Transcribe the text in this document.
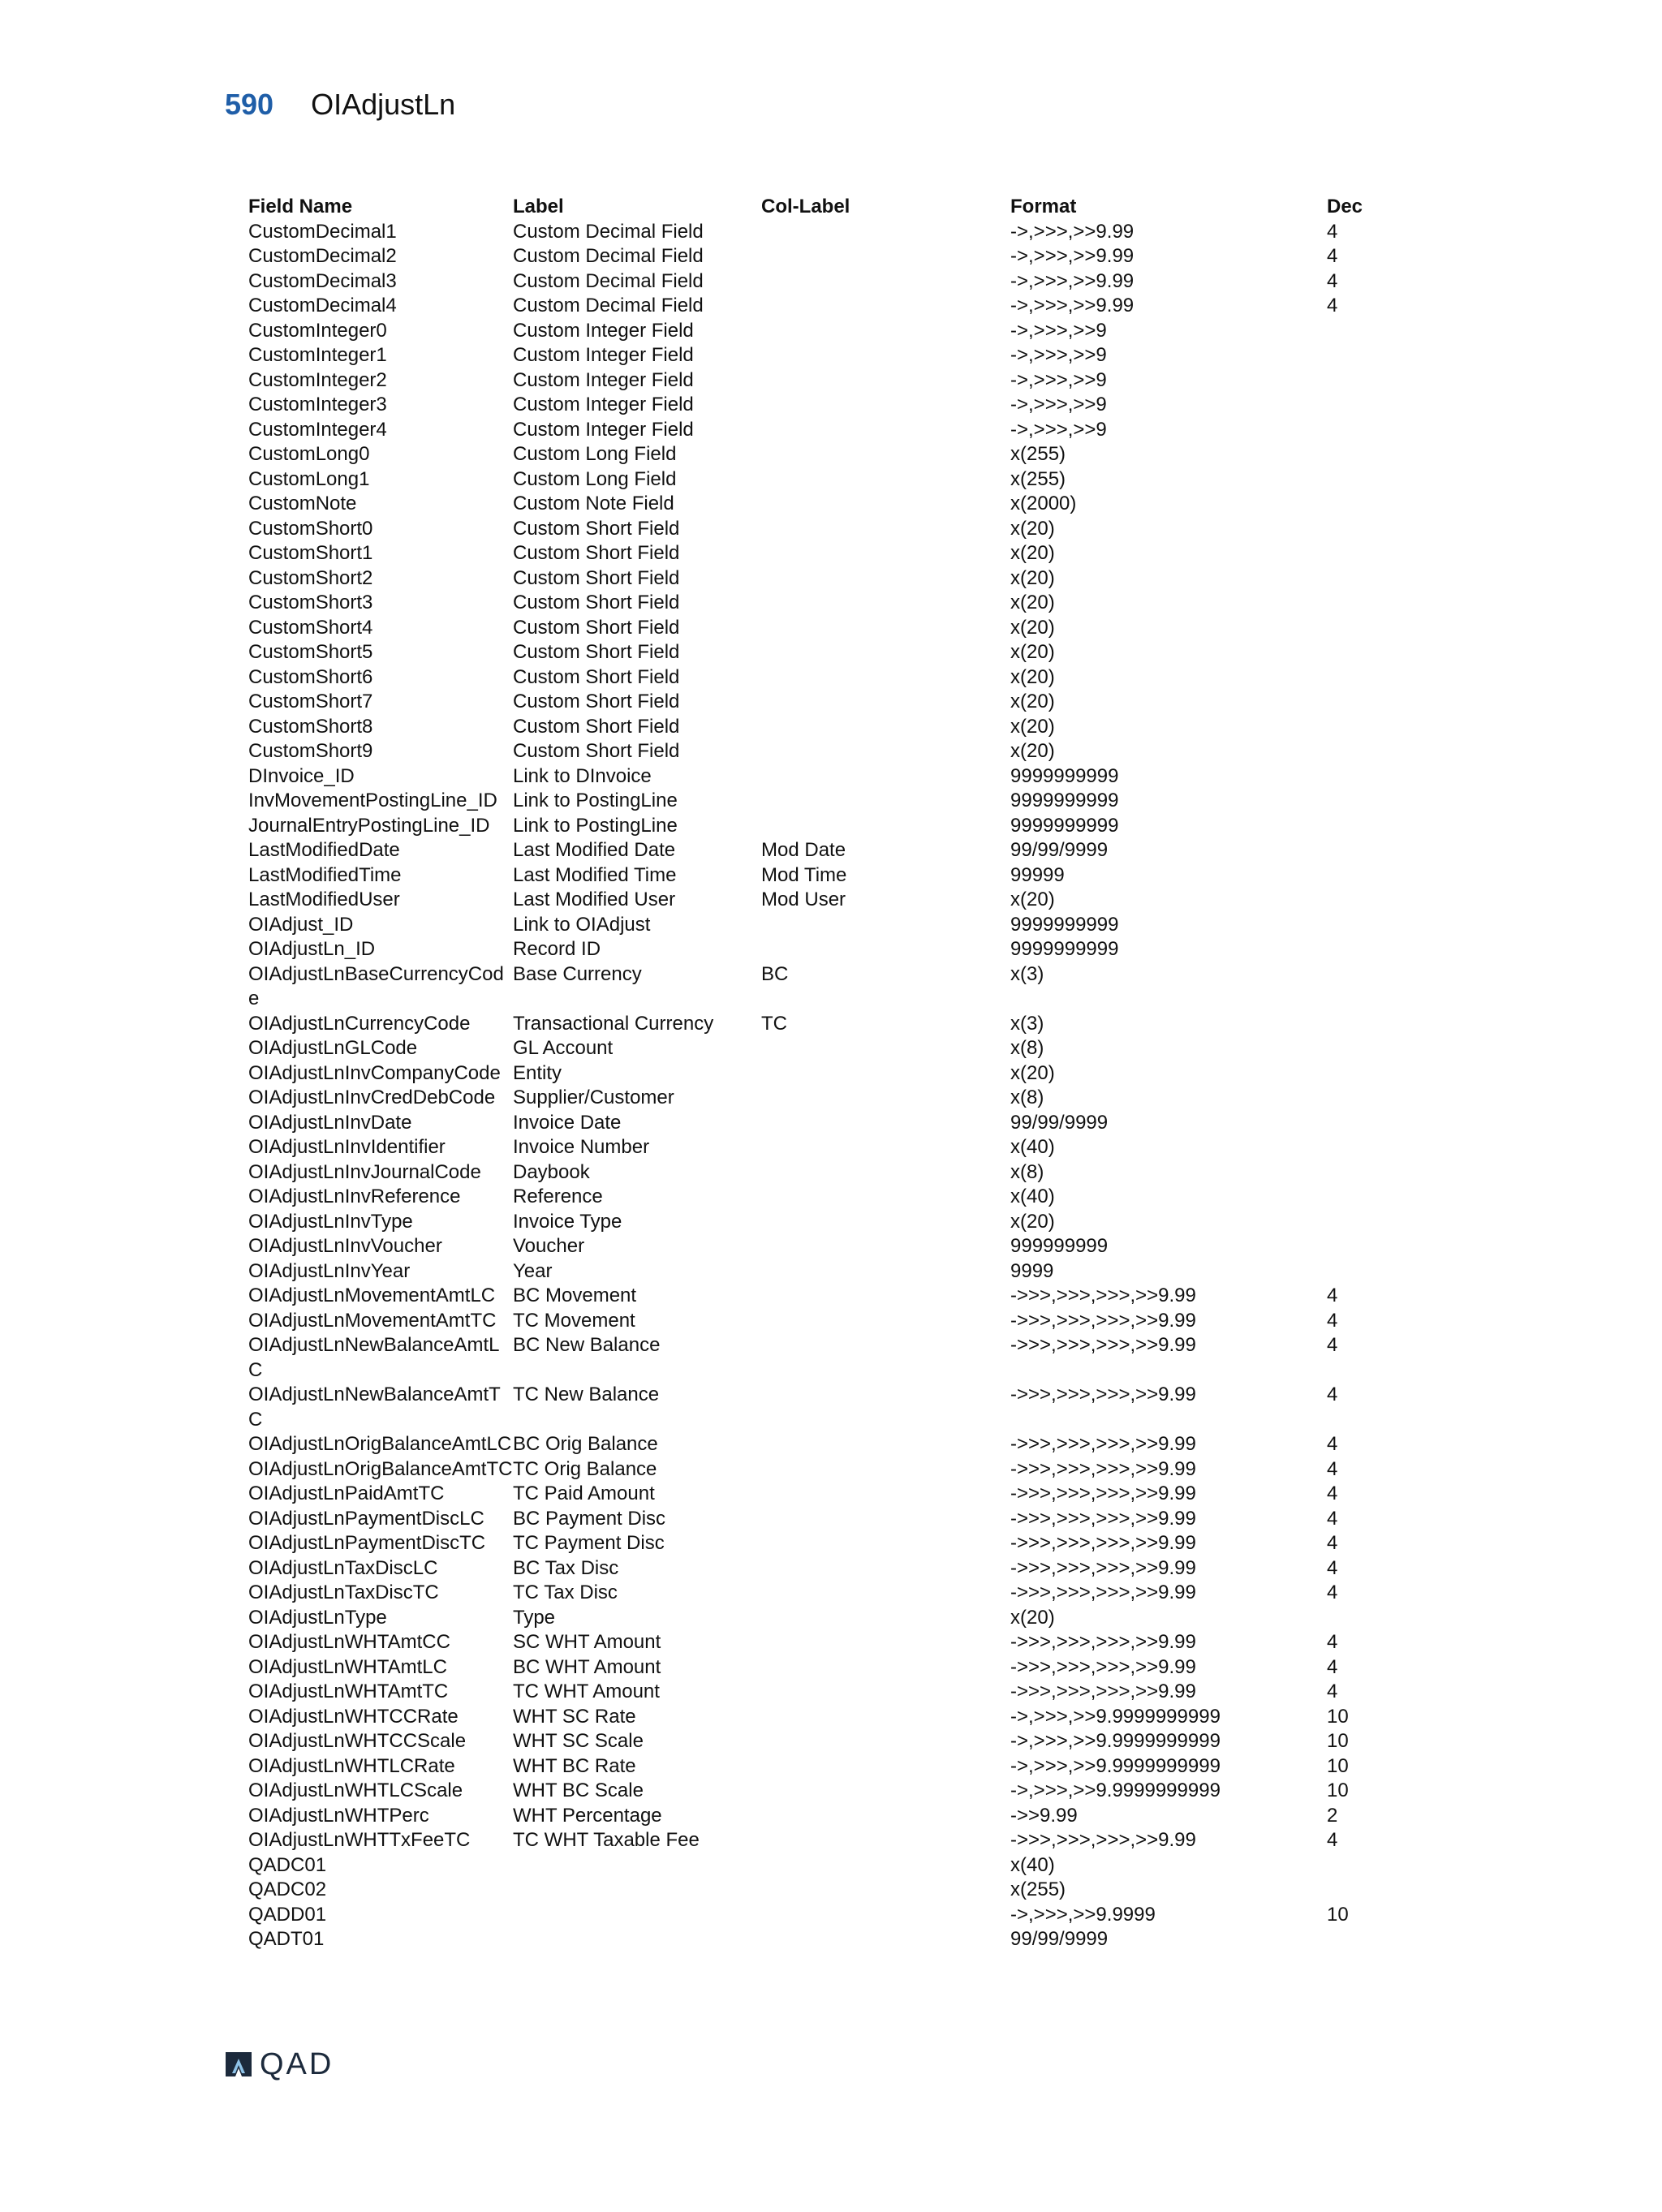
590 OIAdjustLn
Field Name	Label	Col-Label	Format	Dec
CustomDecimal1	Custom Decimal Field		->,>>>,>>9.99	4
CustomDecimal2	Custom Decimal Field		->,>>>,>>9.99	4
CustomDecimal3	Custom Decimal Field		->,>>>,>>9.99	4
CustomDecimal4	Custom Decimal Field		->,>>>,>>9.99	4
CustomInteger0	Custom Integer Field		->,>>>,>>9	
CustomInteger1	Custom Integer Field		->,>>>,>>9	
CustomInteger2	Custom Integer Field		->,>>>,>>9	
CustomInteger3	Custom Integer Field		->,>>>,>>9	
CustomInteger4	Custom Integer Field		->,>>>,>>9	
CustomLong0	Custom Long Field		x(255)	
CustomLong1	Custom Long Field		x(255)	
CustomNote	Custom Note Field		x(2000)	
CustomShort0	Custom Short Field		x(20)	
CustomShort1	Custom Short Field		x(20)	
CustomShort2	Custom Short Field		x(20)	
CustomShort3	Custom Short Field		x(20)	
CustomShort4	Custom Short Field		x(20)	
CustomShort5	Custom Short Field		x(20)	
CustomShort6	Custom Short Field		x(20)	
CustomShort7	Custom Short Field		x(20)	
CustomShort8	Custom Short Field		x(20)	
CustomShort9	Custom Short Field		x(20)	
DInvoice_ID	Link to DInvoice		9999999999	
InvMovementPostingLine_ID	Link to PostingLine		9999999999	
JournalEntryPostingLine_ID	Link to PostingLine		9999999999	
LastModifiedDate	Last Modified Date	Mod Date	99/99/9999	
LastModifiedTime	Last Modified Time	Mod Time	99999	
LastModifiedUser	Last Modified User	Mod User	x(20)	
OIAdjust_ID	Link to OIAdjust		9999999999	
OIAdjustLn_ID	Record ID		9999999999	
OIAdjustLnBaseCurrencyCode	Base Currency	BC	x(3)	
OIAdjustLnCurrencyCode	Transactional Currency	TC	x(3)	
OIAdjustLnGLCode	GL Account		x(8)	
OIAdjustLnInvCompanyCode	Entity		x(20)	
OIAdjustLnInvCredDebCode	Supplier/Customer		x(8)	
OIAdjustLnInvDate	Invoice Date		99/99/9999	
OIAdjustLnInvIdentifier	Invoice Number		x(40)	
OIAdjustLnInvJournalCode	Daybook		x(8)	
OIAdjustLnInvReference	Reference		x(40)	
OIAdjustLnInvType	Invoice Type		x(20)	
OIAdjustLnInvVoucher	Voucher		999999999	
OIAdjustLnInvYear	Year		9999	
OIAdjustLnMovementAmtLC	BC Movement		->>>,>>>,>>>,>>9.99	4
OIAdjustLnMovementAmtTC	TC Movement		->>>,>>>,>>>,>>9.99	4
OIAdjustLnNewBalanceAmtLC	BC New Balance		->>>,>>>,>>>,>>9.99	4
OIAdjustLnNewBalanceAmtTC	TC New Balance		->>>,>>>,>>>,>>9.99	4
OIAdjustLnOrigBalanceAmtLC	BC Orig Balance		->>>,>>>,>>>,>>9.99	4
OIAdjustLnOrigBalanceAmtTC	TC Orig Balance		->>>,>>>,>>>,>>9.99	4
OIAdjustLnPaidAmtTC	TC Paid Amount		->>>,>>>,>>>,>>9.99	4
OIAdjustLnPaymentDiscLC	BC Payment Disc		->>>,>>>,>>>,>>9.99	4
OIAdjustLnPaymentDiscTC	TC Payment Disc		->>>,>>>,>>>,>>9.99	4
OIAdjustLnTaxDiscLC	BC Tax Disc		->>>,>>>,>>>,>>9.99	4
OIAdjustLnTaxDiscTC	TC Tax Disc		->>>,>>>,>>>,>>9.99	4
OIAdjustLnType	Type		x(20)	
OIAdjustLnWHTAmtCC	SC WHT Amount		->>>,>>>,>>>,>>9.99	4
OIAdjustLnWHTAmtLC	BC WHT Amount		->>>,>>>,>>>,>>9.99	4
OIAdjustLnWHTAmtTC	TC WHT Amount		->>>,>>>,>>>,>>9.99	4
OIAdjustLnWHTCCRate	WHT SC Rate		->,>>>,>>9.9999999999	10
OIAdjustLnWHTCCScale	WHT SC Scale		->,>>>,>>9.9999999999	10
OIAdjustLnWHTLCRate	WHT BC Rate		->,>>>,>>9.9999999999	10
OIAdjustLnWHTLCScale	WHT BC Scale		->,>>>,>>9.9999999999	10
OIAdjustLnWHTPerc	WHT Percentage		->>9.99	2
OIAdjustLnWHTTxFeeTC	TC WHT Taxable Fee		->>>,>>>,>>>,>>9.99	4
QADC01			x(40)	
QADC02			x(255)	
QADD01			->,>>>,>>9.9999	10
QADT01			99/99/9999	
QAD
